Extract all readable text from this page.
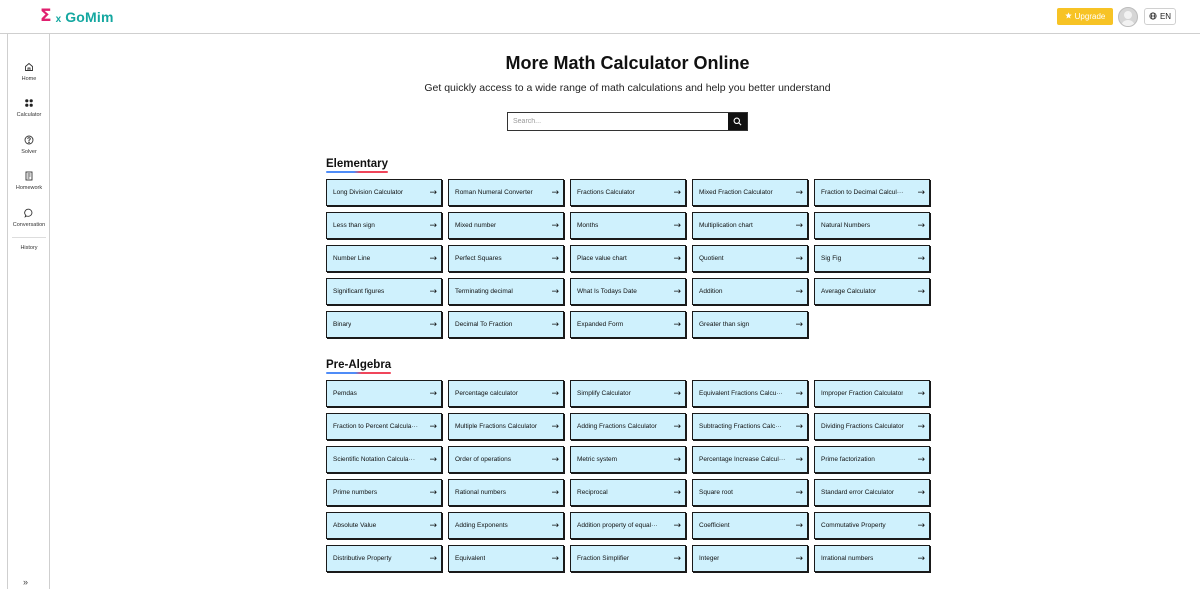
Σ x GoMim	Upgrade	EN
Home
Calculator
Solver
Homework
Conversation
History
»
More Math Calculator Online

Get quickly access to a wide range of math calculations and help you better understand

Search...
Elementary
Long Division Calculator	→	Roman Numeral Converter →	Fractions Calculator	→	Mixed Fraction Calculator	→	Fraction to Decimal Calcul··· →
Less than sign	→	Mixed number	→	Months	→	Multiplication chart	→	Natural Numbers	→
Number Line	→	Perfect Squares	→	Place value chart	→	Quotient	→	Sig Fig	→
Significant figures	→	Terminating decimal	→	What Is Todays Date	→	Addition	→	Average Calculator	→
Binary	→	Decimal To Fraction	→	Expanded Form	→	Greater than sign	→
Pre-Algebra
Pemdas	→	Percentage calculator	→	Simplify Calculator	→	Equivalent Fractions Calcu··· →	Improper Fraction Calculator →
Fraction to Percent Calcula··· →	Multiple Fractions Calculator →	Adding Fractions Calculator →	Subtracting Fractions Calc··· →	Dividing Fractions Calculator →
Scientific Notation Calcula··· →	Order of operations	→	Metric system	→	Percentage Increase Calcul··· →	Prime factorization	→
Prime numbers	→	Rational numbers	→	Reciprocal	→	Square root	→	Standard error Calculator	→
Absolute Value	→	Adding Exponents	→	Addition property of equal··· →	Coefficient	→	Commutative Property	→
Distributive Property	→	Equivalent	→	Fraction Simplifier	→	Integer	→	Irrational numbers	→
